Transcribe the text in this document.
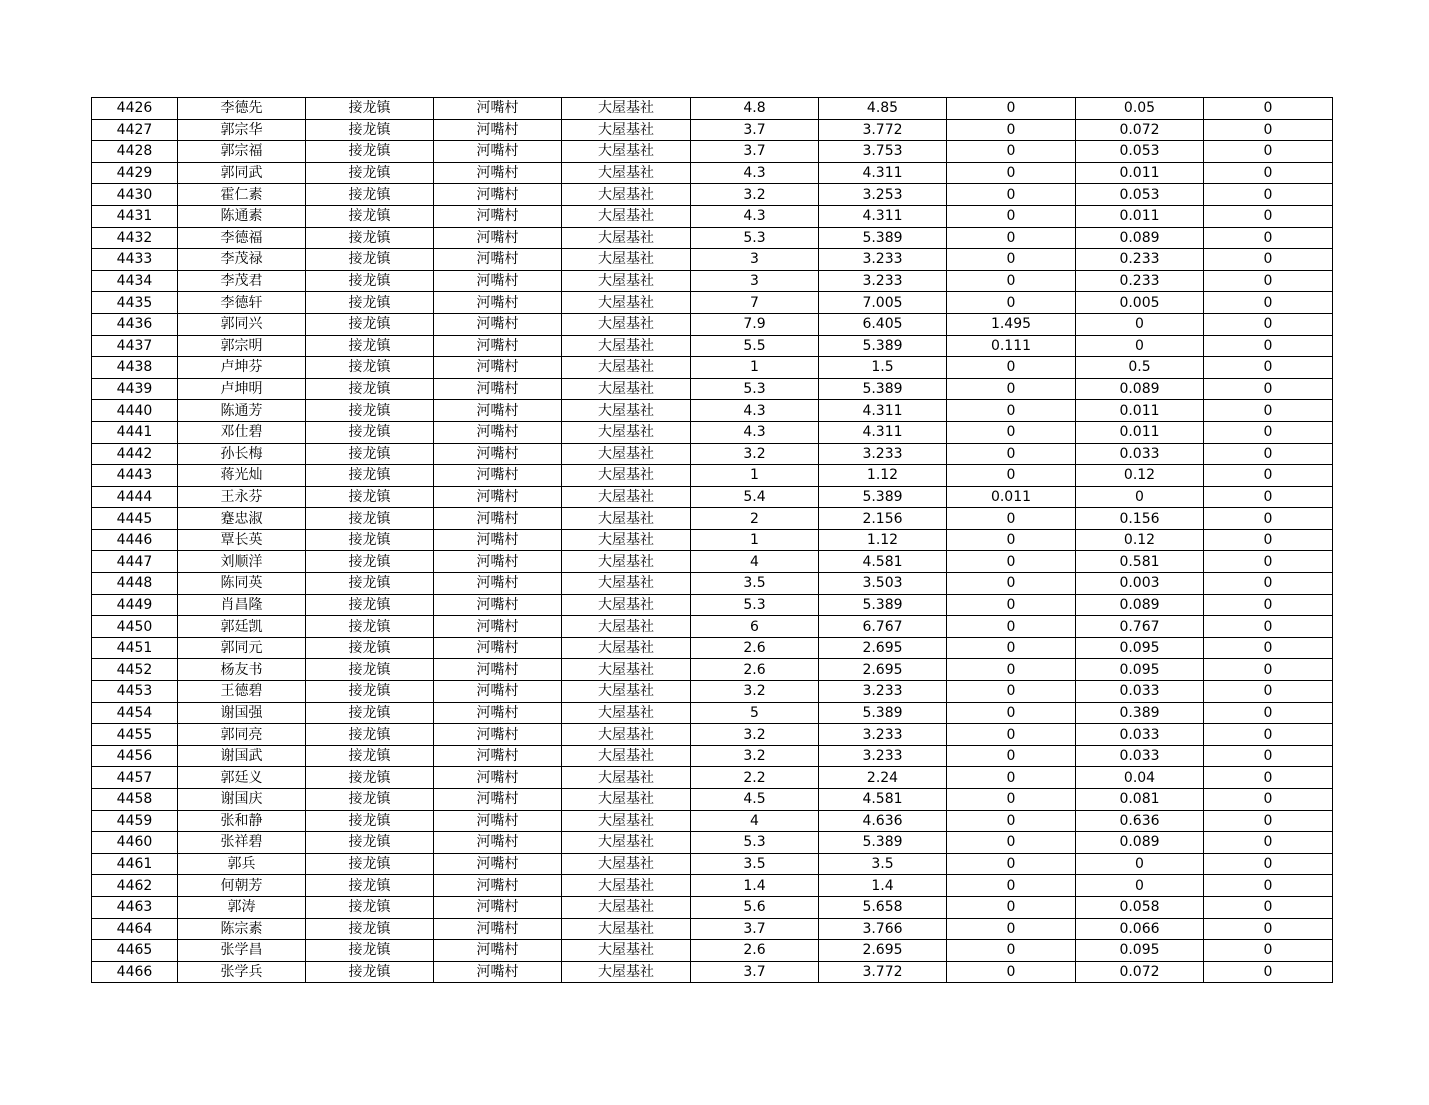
4426	李德先	接龙镇	河嘴村	大屋基社	4.8	4.85	0	0.05	0
4427	郭宗华	接龙镇	河嘴村	大屋基社	3.7	3.772	0	0.072	0
4428	郭宗福	接龙镇	河嘴村	大屋基社	3.7	3.753	0	0.053	0
4429	郭同武	接龙镇	河嘴村	大屋基社	4.3	4.311	0	0.011	0
4430	霍仁素	接龙镇	河嘴村	大屋基社	3.2	3.253	0	0.053	0
4431	陈通素	接龙镇	河嘴村	大屋基社	4.3	4.311	0	0.011	0
4432	李德福	接龙镇	河嘴村	大屋基社	5.3	5.389	0	0.089	0
4433	李茂禄	接龙镇	河嘴村	大屋基社	3	3.233	0	0.233	0
4434	李茂君	接龙镇	河嘴村	大屋基社	3	3.233	0	0.233	0
4435	李德轩	接龙镇	河嘴村	大屋基社	7	7.005	0	0.005	0
4436	郭同兴	接龙镇	河嘴村	大屋基社	7.9	6.405	1.495	0	0
4437	郭宗明	接龙镇	河嘴村	大屋基社	5.5	5.389	0.111	0	0
4438	卢坤芬	接龙镇	河嘴村	大屋基社	1	1.5	0	0.5	0
4439	卢坤明	接龙镇	河嘴村	大屋基社	5.3	5.389	0	0.089	0
4440	陈通芳	接龙镇	河嘴村	大屋基社	4.3	4.311	0	0.011	0
4441	邓仕碧	接龙镇	河嘴村	大屋基社	4.3	4.311	0	0.011	0
4442	孙长梅	接龙镇	河嘴村	大屋基社	3.2	3.233	0	0.033	0
4443	蒋光灿	接龙镇	河嘴村	大屋基社	1	1.12	0	0.12	0
4444	王永芬	接龙镇	河嘴村	大屋基社	5.4	5.389	0.011	0	0
4445	蹇忠淑	接龙镇	河嘴村	大屋基社	2	2.156	0	0.156	0
4446	覃长英	接龙镇	河嘴村	大屋基社	1	1.12	0	0.12	0
4447	刘顺洋	接龙镇	河嘴村	大屋基社	4	4.581	0	0.581	0
4448	陈同英	接龙镇	河嘴村	大屋基社	3.5	3.503	0	0.003	0
4449	肖昌隆	接龙镇	河嘴村	大屋基社	5.3	5.389	0	0.089	0
4450	郭廷凯	接龙镇	河嘴村	大屋基社	6	6.767	0	0.767	0
4451	郭同元	接龙镇	河嘴村	大屋基社	2.6	2.695	0	0.095	0
4452	杨友书	接龙镇	河嘴村	大屋基社	2.6	2.695	0	0.095	0
4453	王德碧	接龙镇	河嘴村	大屋基社	3.2	3.233	0	0.033	0
4454	谢国强	接龙镇	河嘴村	大屋基社	5	5.389	0	0.389	0
4455	郭同亮	接龙镇	河嘴村	大屋基社	3.2	3.233	0	0.033	0
4456	谢国武	接龙镇	河嘴村	大屋基社	3.2	3.233	0	0.033	0
4457	郭廷义	接龙镇	河嘴村	大屋基社	2.2	2.24	0	0.04	0
4458	谢国庆	接龙镇	河嘴村	大屋基社	4.5	4.581	0	0.081	0
4459	张和静	接龙镇	河嘴村	大屋基社	4	4.636	0	0.636	0
4460	张祥碧	接龙镇	河嘴村	大屋基社	5.3	5.389	0	0.089	0
4461	郭兵	接龙镇	河嘴村	大屋基社	3.5	3.5	0	0	0
4462	何朝芳	接龙镇	河嘴村	大屋基社	1.4	1.4	0	0	0
4463	郭涛	接龙镇	河嘴村	大屋基社	5.6	5.658	0	0.058	0
4464	陈宗素	接龙镇	河嘴村	大屋基社	3.7	3.766	0	0.066	0
4465	张学昌	接龙镇	河嘴村	大屋基社	2.6	2.695	0	0.095	0
4466	张学兵	接龙镇	河嘴村	大屋基社	3.7	3.772	0	0.072	0
